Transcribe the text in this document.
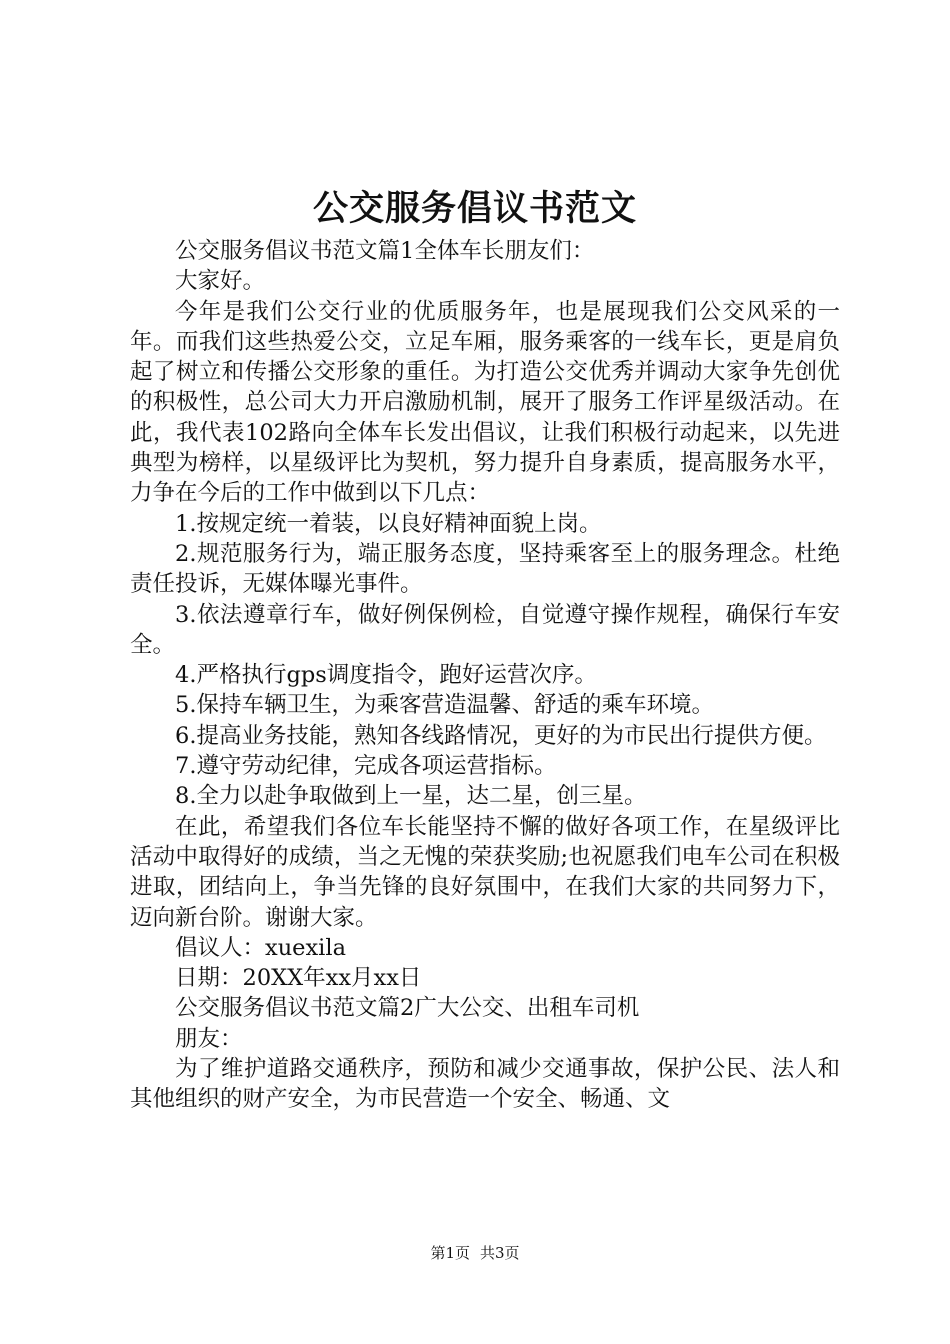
公交服务倡议书范文

公交服务倡议书范文篇1全体车长朋友们：

大家好。

今年是我们公交行业的优质服务年，也是展现我们公交风采的一年。而我们这些热爱公交，立足车厢，服务乘客的一线车长，更是肩负起了树立和传播公交形象的重任。为打造公交优秀并调动大家争先创优的积极性，总公司大力开启激励机制，展开了服务工作评星级活动。在此，我代表102路向全体车长发出倡议，让我们积极行动起来，以先进典型为榜样，以星级评比为契机，努力提升自身素质，提高服务水平，力争在今后的工作中做到以下几点：

1.按规定统一着装，以良好精神面貌上岗。

2.规范服务行为，端正服务态度，坚持乘客至上的服务理念。杜绝责任投诉，无媒体曝光事件。

3.依法遵章行车，做好例保例检，自觉遵守操作规程，确保行车安全。

4.严格执行gps调度指令，跑好运营次序。

5.保持车辆卫生，为乘客营造温馨、舒适的乘车环境。

6.提高业务技能，熟知各线路情况，更好的为市民出行提供方便。

7.遵守劳动纪律，完成各项运营指标。

8.全力以赴争取做到上一星，达二星，创三星。

在此，希望我们各位车长能坚持不懈的做好各项工作，在星级评比活动中取得好的成绩，当之无愧的荣获奖励;也祝愿我们电车公司在积极进取，团结向上，争当先锋的良好氛围中，在我们大家的共同努力下，迈向新台阶。谢谢大家。

倡议人：xuexila

日期：20XX年xx月xx日

公交服务倡议书范文篇2广大公交、出租车司机

朋友：

为了维护道路交通秩序，预防和减少交通事故，保护公民、法人和其他组织的财产安全，为市民营造一个安全、畅通、文

第1页 共3页
